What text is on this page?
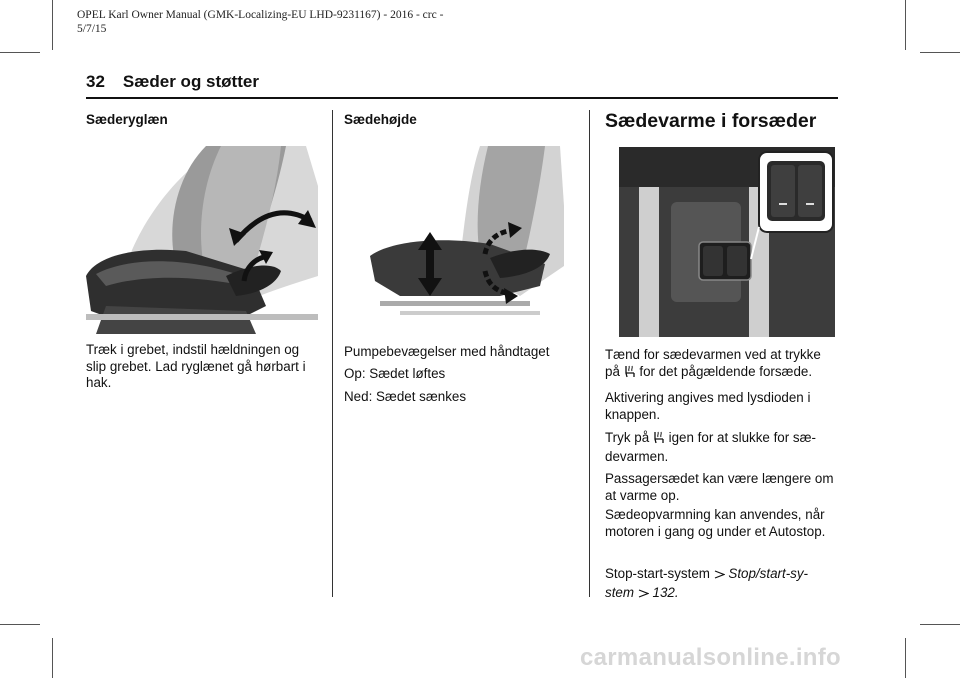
OPEL Karl Owner Manual (GMK-Localizing-EU LHD-9231167) - 2016 - crc -
5/7/15
32 Sæder og støtter
Sæderyglæn
Træk i grebet, indstil hældningen og slip grebet. Lad ryglænet gå hørbart i hak.
Sædehøjde
Pumpebevægelser med håndtaget
Op: Sædet løftes
Ned: Sædet sænkes
Sædevarme i forsæder
Tænd for sædevarmen ved at trykke
på for det pågældende forsæde.
Aktivering angives med lysdioden i knappen.
Tryk på igen for at slukke for sæ-
devarmen.
Passagersædet kan være længere om at varme op.
Sædeopvarmning kan anvendes, når motoren i gang og under et Autostop.
Stop-start-system Stop/start-sy-
stem 132.
carmanualsonline.info
